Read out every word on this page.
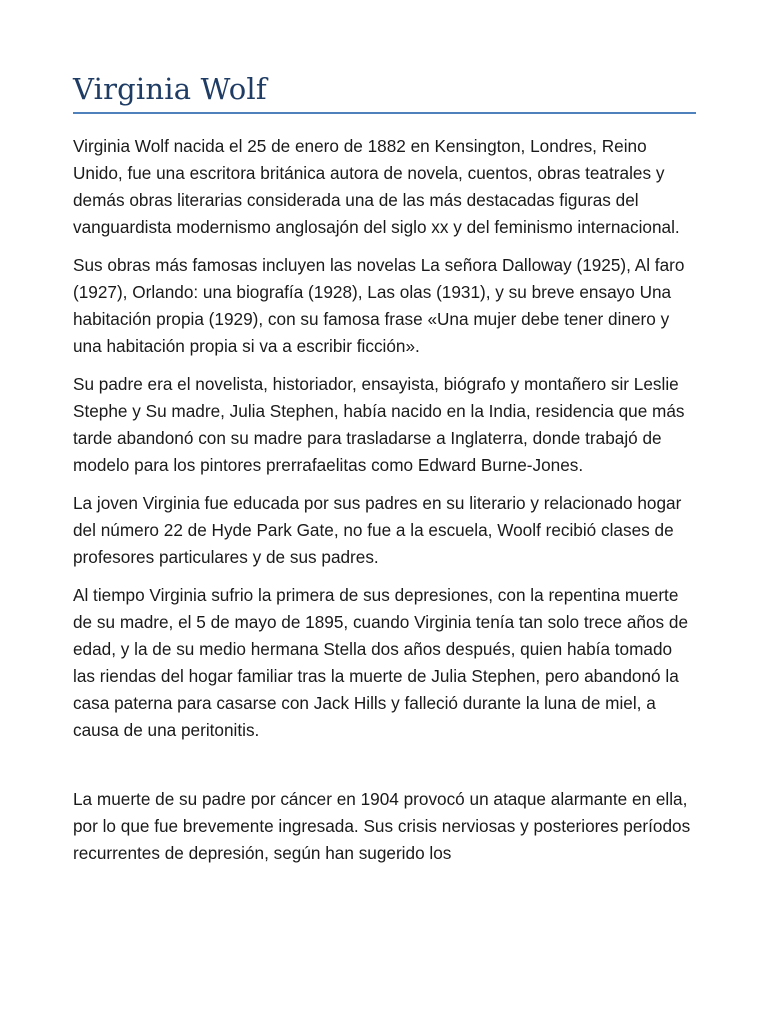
Virginia Wolf

Virginia Wolf nacida el 25 de enero de 1882 en Kensington, Londres, Reino Unido, fue una escritora británica autora de novela, cuentos, obras teatrales y demás obras literarias considerada una de las más destacadas figuras del vanguardista modernismo anglosajón del siglo xx y del feminismo internacional.

Sus obras más famosas incluyen las novelas La señora Dalloway (1925), Al faro (1927), Orlando: una biografía (1928), Las olas (1931), y su breve ensayo Una habitación propia (1929), con su famosa frase «Una mujer debe tener dinero y una habitación propia si va a escribir ficción».

Su padre era el novelista, historiador, ensayista, biógrafo y montañero sir Leslie Stephe y Su madre, Julia Stephen, había nacido en la India, residencia que más tarde abandonó con su madre para trasladarse a Inglaterra, donde trabajó de modelo para los pintores prerrafaelitas como Edward Burne-Jones.

La joven Virginia fue educada por sus padres en su literario y relacionado hogar del número 22 de Hyde Park Gate, no fue a la escuela, Woolf recibió clases de profesores particulares y de sus padres.

Al tiempo Virginia sufrio la primera de sus depresiones, con la repentina muerte de su madre, el 5 de mayo de 1895, cuando Virginia tenía tan solo trece años de edad, y la de su medio hermana Stella dos años después, quien había tomado las riendas del hogar familiar tras la muerte de Julia Stephen, pero abandonó la casa paterna para casarse con Jack Hills y falleció durante la luna de miel, a causa de una peritonitis.

La muerte de su padre por cáncer en 1904 provocó un ataque alarmante en ella, por lo que fue brevemente ingresada. Sus crisis nerviosas y posteriores períodos recurrentes de depresión, según han sugerido los
